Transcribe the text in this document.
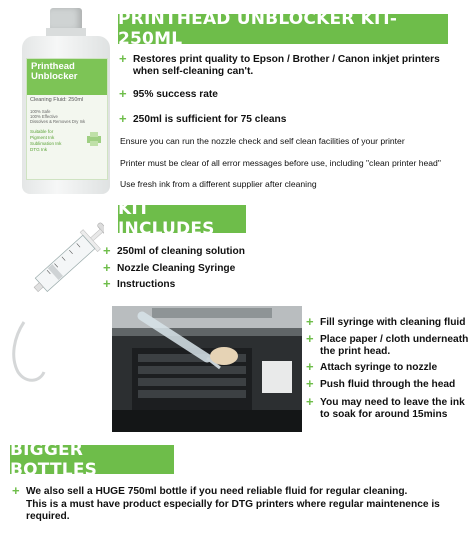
Printhead
Unblocker
Cleaning Fluid: 250ml
100% Safe
100% Effective
Dissolves & Removes Dry Ink
Suitable for
Pigment Ink
Sublimation Ink
DTG Ink
PRINTHEAD UNBLOCKER KIT- 250ML
+ Restores print quality to Epson / Brother / Canon inkjet printers when self-cleaning can't.
+ 95% success rate
+ 250ml is sufficient for 75 cleans
Ensure you can run the nozzle check and self clean facilities of your printer
Printer must be clear of all error messages before use, including "clean printer head"
Use fresh ink from a different supplier after cleaning
KIT INCLUDES
+ 250ml of cleaning solution
+ Nozzle Cleaning Syringe
+ Instructions
+ Fill syringe with cleaning fluid
+ Place paper / cloth underneath the print head.
+ Attach syringe to nozzle
+ Push fluid through the head
+ You may need to leave the ink to soak for around 15mins
BIGGER BOTTLES
+ We also sell a HUGE 750ml bottle if you need reliable fluid for regular cleaning.
This is a must have product especially for DTG printers where regular maintenence is required.
